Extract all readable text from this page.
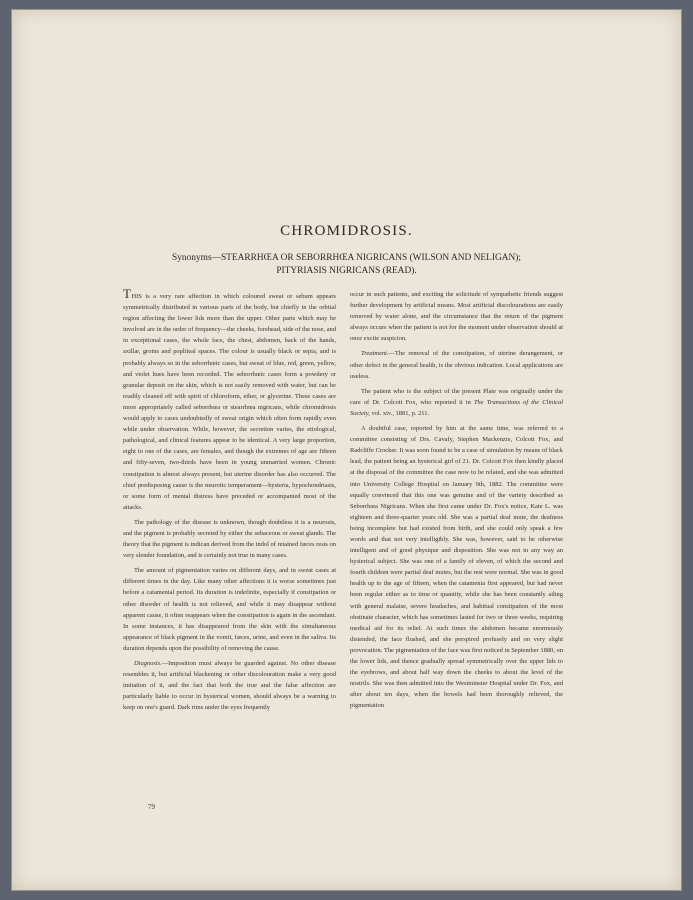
CHROMIDROSIS.
Synonyms—STEARRHŒA OR SEBORRHŒA NIGRICANS (WILSON AND NELIGAN);
PITYRIASIS NIGRICANS (READ).

THIS is a very rare affection in which coloured sweat or sebum appears symmetrically distributed in various parts of the body, but chiefly in the orbital region affecting the lower lids more than the upper. Other parts which may be involved are in the order of frequency—the cheeks, forehead, side of the nose, and in exceptional cases, the whole face, the chest, abdomen, back of the hands, axillæ, groins and popliteal spaces. The colour is usually black or sepia, and is probably always so in the seborrhœic cases, but sweat of blue, red, green, yellow, and violet hues have been recorded. The seborrhœic cases form a powdery or granular deposit on the skin, which is not easily removed with water, but can be readily cleaned off with spirit of chloroform, ether, or glycerine. These cases are more appropriately called seborrhœa or stearrhœa nigricans, while chromidrosis would apply to cases undoubtedly of sweat origin which often form rapidly even while under observation. While, however, the secretion varies, the etiological, pathological, and clinical features appear to be identical. A very large proportion, eight to one of the cases, are females, and though the extremes of age are fifteen and fifty-seven, two-thirds have been in young unmarried women. Chronic constipation is almost always present, but uterine disorder has also occurred. The chief predisposing cause is the neurotic temperament—hysteria, hypochondriasis, or some form of mental distress have preceded or accompanied most of the attacks.

The pathology of the disease is unknown, though doubtless it is a neurosis, and the pigment is probably secreted by either the sebaceous or sweat glands. The theory that the pigment is indican derived from the indol of retained fæces rests on very slender foundation, and is certainly not true in many cases.

The amount of pigmentation varies on different days, and in sweat cases at different times in the day. Like many other affections it is worse sometimes just before a catamenial period. Its duration is indefinite, especially if constipation or other disorder of health is not relieved, and while it may disappear without apparent cause, it often reappears when the constipation is again in the ascendant. In some instances, it has disappeared from the skin with the simultaneous appearance of black pigment in the vomit, fæces, urine, and even in the saliva. Its duration depends upon the possibility of removing the cause.

Diagnosis.—Imposition must always be guarded against. No other disease resembles it, but artificial blackening or other discolouration make a very good imitation of it, and the fact that both the true and the false affection are particularly liable to occur in hysterical women, should always be a warning to keep on one's guard. Dark rims under the eyes frequently

occur in such patients, and exciting the solicitude of sympathetic friends suggest further development by artificial means. Most artificial discolourations are easily removed by water alone, and the circumstance that the return of the pigment always occurs when the patient is not for the moment under observation should at once excite suspicion.

Treatment.—The removal of the constipation, of uterine derangement, or other defect in the general health, is the obvious indication. Local applications are useless.

The patient who is the subject of the present Plate was originally under the care of Dr. Colcott Fox, who reported it in The Transactions of the Clinical Society, vol. xiv., 1881, p. 211.

A doubtful case, reported by him at the same time, was referred to a committee consisting of Drs. Cavafy, Stephen Mackenzie, Colcott Fox, and Radcliffe Crocker. It was soon found to be a case of simulation by means of black lead, the patient being an hysterical girl of 21. Dr. Colcott Fox then kindly placed at the disposal of the committee the case now to be related, and she was admitted into University College Hospital on January 9th, 1882. The committee were equally convinced that this one was genuine and of the variety described as Seborrhœa Nigricans. When she first came under Dr. Fox's notice, Kate L. was eighteen and three-quarter years old. She was a partial deaf mute, the deafness being incomplete but had existed from birth, and she could only speak a few words and that not very intelligibly. She was, however, said to be otherwise intelligent and of good physique and disposition. She was not in any way an hysterical subject. She was one of a family of eleven, of which the second and fourth children were partial deaf mutes, but the rest were normal. She was in good health up to the age of fifteen, when the catamenia first appeared, but had never been regular either as to time or quantity, while she has been constantly ailing with general malaise, severe headaches, and habitual constipation of the most obstinate character, which has sometimes lasted for two or three weeks, requiring medical aid for its relief. At such times the abdomen became enormously distended, the face flushed, and she perspired profusely and on very slight provocation. The pigmentation of the face was first noticed in September 1880, on the lower lids, and thence gradually spread symmetrically over the upper lids to the eyebrows, and about half way down the cheeks to about the level of the nostrils. She was then admitted into the Westminster Hospital under Dr. Fox, and after about ten days, when the bowels had been thoroughly relieved, the pigmentation

79
